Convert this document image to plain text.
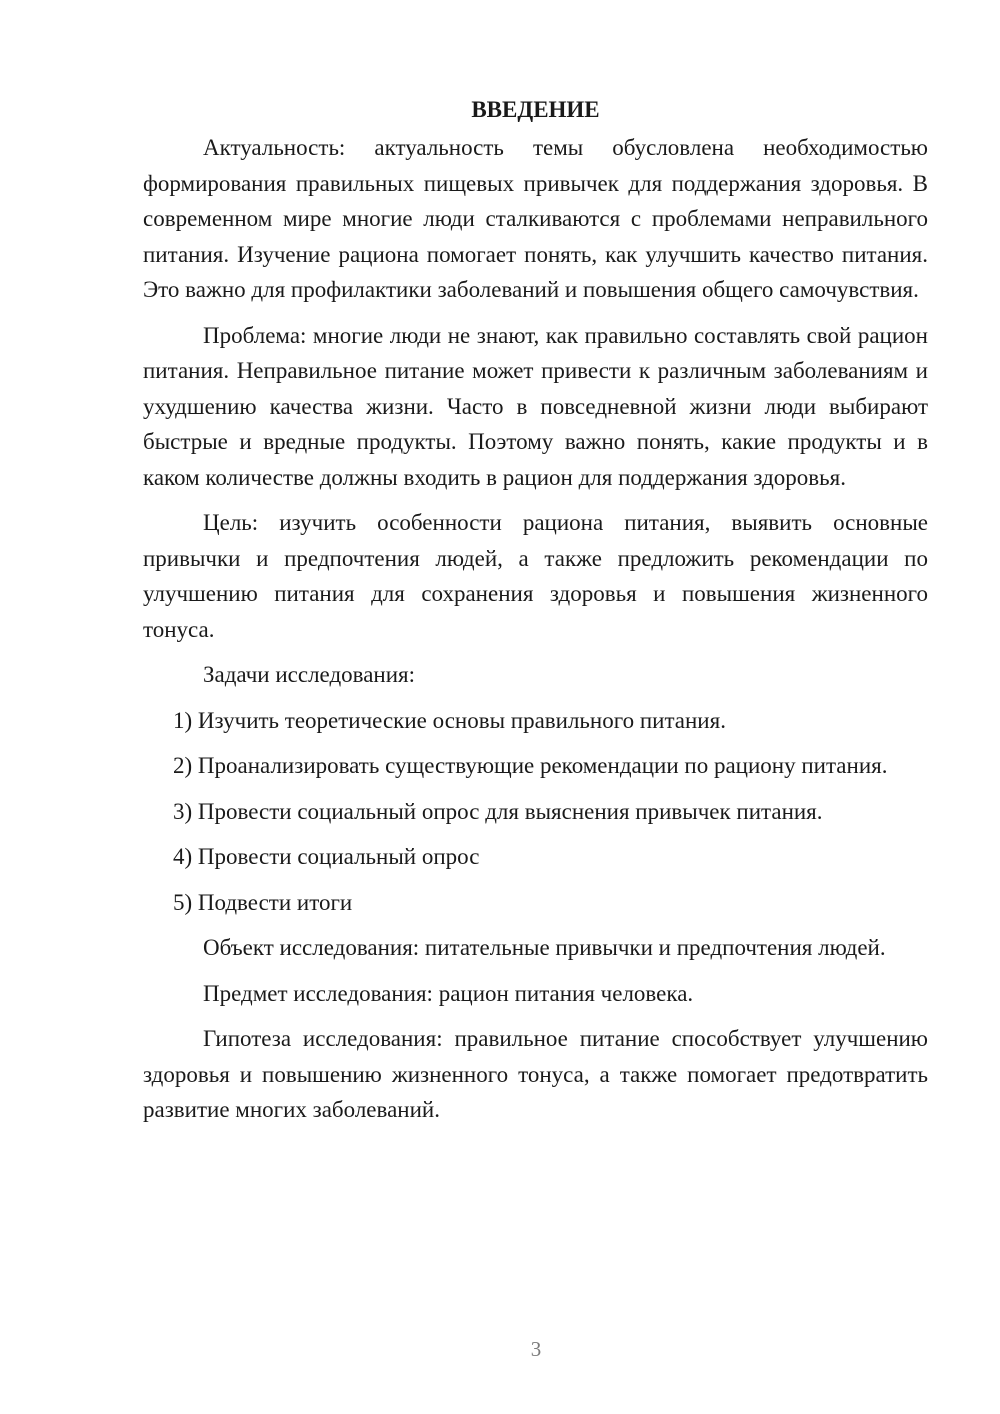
ВВЕДЕНИЕ

Актуальность: актуальность темы обусловлена необходимостью формирования правильных пищевых привычек для поддержания здоровья. В современном мире многие люди сталкиваются с проблемами неправильного питания. Изучение рациона помогает понять, как улучшить качество питания. Это важно для профилактики заболеваний и повышения общего самочувствия.

Проблема: многие люди не знают, как правильно составлять свой рацион питания. Неправильное питание может привести к различным заболеваниям и ухудшению качества жизни. Часто в повседневной жизни люди выбирают быстрые и вредные продукты. Поэтому важно понять, какие продукты и в каком количестве должны входить в рацион для поддержания здоровья.

Цель: изучить особенности рациона питания, выявить основные привычки и предпочтения людей, а также предложить рекомендации по улучшению питания для сохранения здоровья и повышения жизненного тонуса.

Задачи исследования:

1) Изучить теоретические основы правильного питания.

2) Проанализировать существующие рекомендации по рациону питания.

3) Провести социальный опрос для выяснения привычек питания.

4) Провести социальный опрос

5) Подвести итоги

Объект исследования: питательные привычки и предпочтения людей.

Предмет исследования: рацион питания человека.

Гипотеза исследования: правильное питание способствует улучшению здоровья и повышению жизненного тонуса, а также помогает предотвратить развитие многих заболеваний.

3
